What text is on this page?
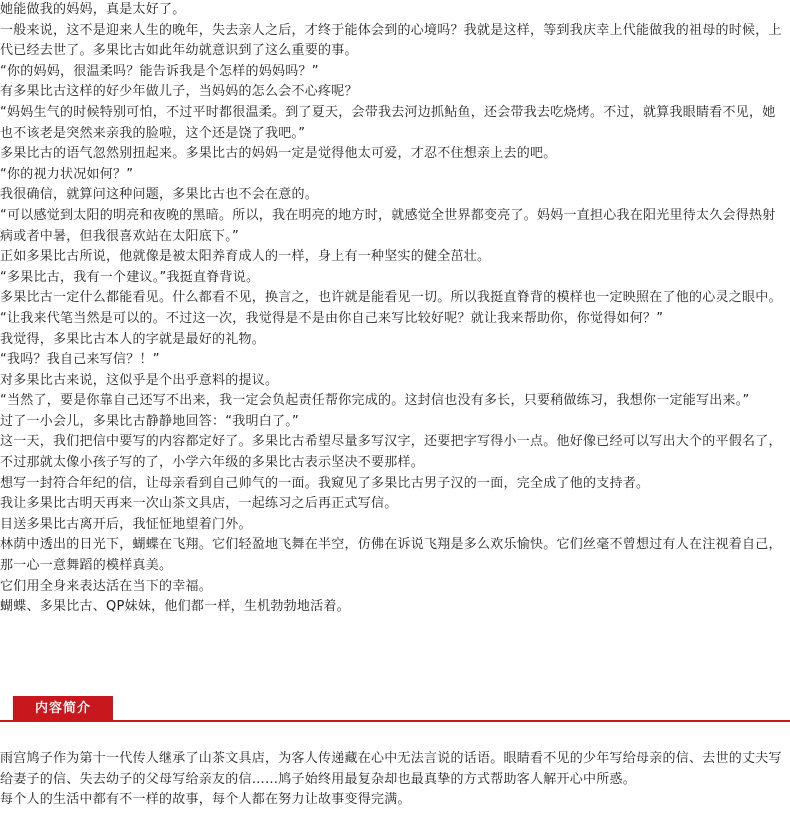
她能做我的妈妈，真是太好了。

一般来说，这不是迎来人生的晚年，失去亲人之后，才终于能体会到的心境吗？我就是这样，等到我庆幸上代能做我的祖母的时候，上代已经去世了。多果比古如此年幼就意识到了这么重要的事。

“你的妈妈，很温柔吗？能告诉我是个怎样的妈妈吗？”

有多果比古这样的好少年做儿子，当妈妈的怎么会不心疼呢？

“妈妈生气的时候特别可怕，不过平时都很温柔。到了夏天，会带我去河边抓鲇鱼，还会带我去吃烧烤。不过，就算我眼睛看不见，她也不该老是突然来亲我的脸啦，这个还是饶了我吧。”

多果比古的语气忽然别扭起来。多果比古的妈妈一定是觉得他太可爱，才忍不住想亲上去的吧。

“你的视力状况如何？”

我很确信，就算问这种问题，多果比古也不会在意的。

“可以感觉到太阳的明亮和夜晚的黑暗。所以，我在明亮的地方时，就感觉全世界都变亮了。妈妈一直担心我在阳光里待太久会得热射病或者中暑，但我很喜欢站在太阳底下。”

正如多果比古所说，他就像是被太阳养育成人的一样，身上有一种坚实的健全茁壮。

“多果比古，我有一个建议。”我挺直脊背说。

多果比古一定什么都能看见。什么都看不见，换言之，也许就是能看见一切。所以我挺直脊背的模样也一定映照在了他的心灵之眼中。

“让我来代笔当然是可以的。不过这一次，我觉得是不是由你自己来写比较好呢？就让我来帮助你，你觉得如何？”

我觉得，多果比古本人的字就是最好的礼物。

“我吗？我自己来写信？！”

对多果比古来说，这似乎是个出乎意料的提议。

“当然了，要是你靠自己还写不出来，我一定会负起责任帮你完成的。这封信也没有多长，只要稍做练习，我想你一定能写出来。”

过了一小会儿，多果比古静静地回答：“我明白了。”

这一天，我们把信中要写的内容都定好了。多果比古希望尽量多写汉字，还要把字写得小一点。他好像已经可以写出大个的平假名了，不过那就太像小孩子写的了，小学六年级的多果比古表示坚决不要那样。

想写一封符合年纪的信，让母亲看到自己帅气的一面。我窥见了多果比古男子汉的一面，完全成了他的支持者。

我让多果比古明天再来一次山茶文具店，一起练习之后再正式写信。

目送多果比古离开后，我怔怔地望着门外。

林荫中透出的日光下，蝴蝶在飞翔。它们轻盈地飞舞在半空，仿佛在诉说飞翔是多么欢乐愉快。它们丝毫不曾想过有人在注视着自己，那一心一意舞蹈的模样真美。

它们用全身来表达活在当下的幸福。

蝴蝶、多果比古、QP妹妹，他们都一样，生机勃勃地活着。

内容简介

雨宫鸠子作为第十一代传人继承了山茶文具店，为客人传递藏在心中无法言说的话语。眼睛看不见的少年写给母亲的信、去世的丈夫写给妻子的信、失去幼子的父母写给亲友的信……鸠子始终用最复杂却也最真挚的方式帮助客人解开心中所惑。

每个人的生活中都有不一样的故事，每个人都在努力让故事变得完满。
